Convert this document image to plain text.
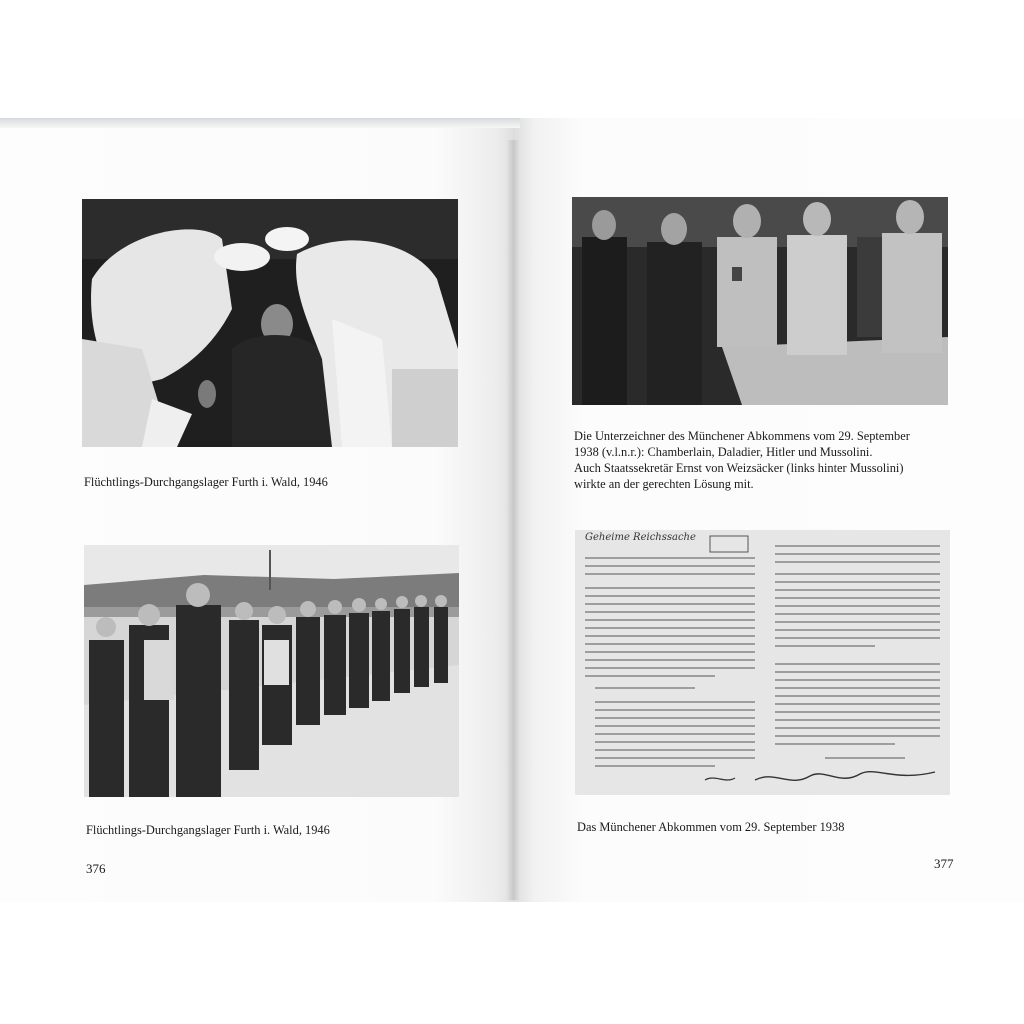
Flüchtlings-Durchgangslager Furth i. Wald, 1946
Flüchtlings-Durchgangslager Furth i. Wald, 1946
376
Die Unterzeichner des Münchener Abkommens vom 29. September
1938 (v.l.n.r.): Chamberlain, Daladier, Hitler und Mussolini.
Auch Staatssekretär Ernst von Weizsäcker (links hinter Mussolini)
wirkte an der gerechten Lösung mit.
Geheime Reichssache
Das Münchener Abkommen vom 29. September 1938
377
